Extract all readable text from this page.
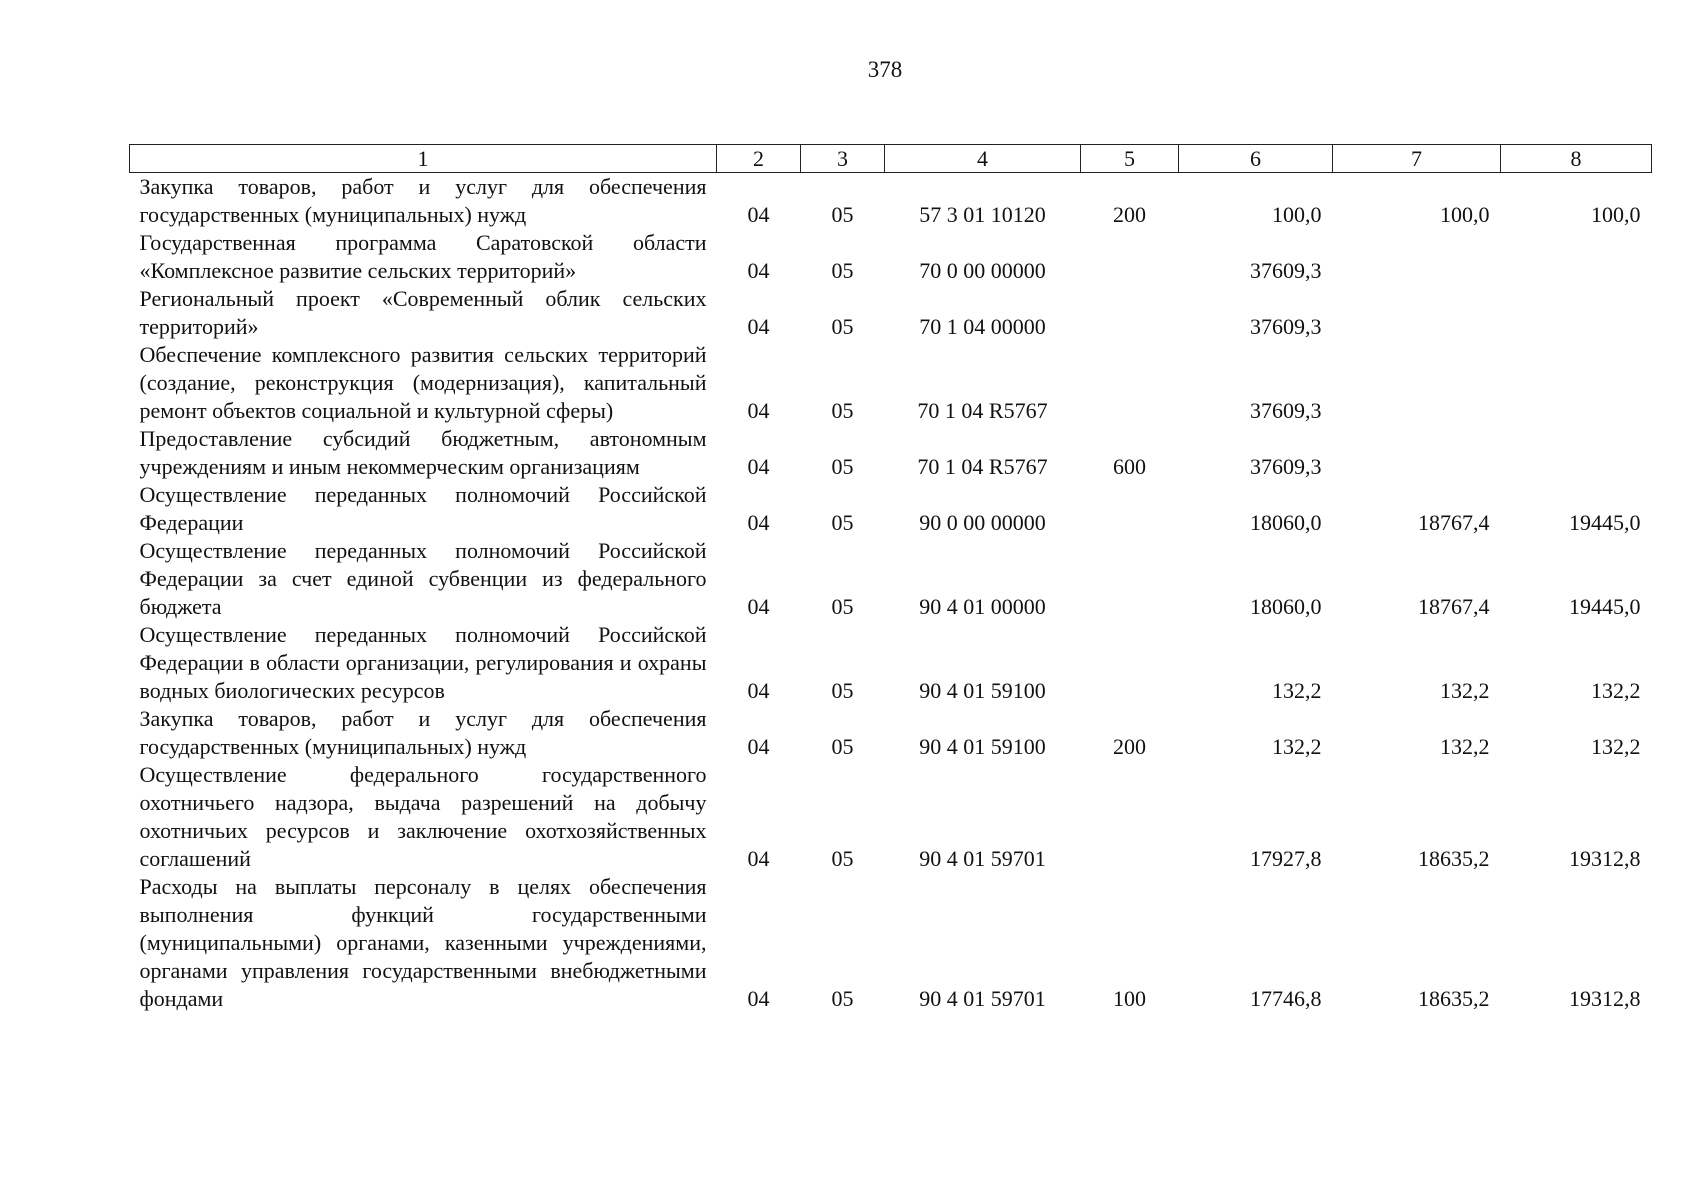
378
1	2	3	4	5	6	7	8
Закупка товаров, работ и услуг для обеспечения государственных (муниципальных) нужд	04	05	57 3 01 10120	200	100,0	100,0	100,0
Государственная программа Саратовской области «Комплексное развитие сельских территорий»	04	05	70 0 00 00000		37609,3		
Региональный проект «Современный облик сельских территорий»	04	05	70 1 04 00000		37609,3		
Обеспечение комплексного развития сельских территорий (создание, реконструкция (модернизация), капитальный ремонт объектов социальной и культурной сферы)	04	05	70 1 04 R5767		37609,3		
Предоставление субсидий бюджетным, автономным учреждениям и иным некоммерческим организациям	04	05	70 1 04 R5767	600	37609,3		
Осуществление переданных полномочий Российской Федерации	04	05	90 0 00 00000		18060,0	18767,4	19445,0
Осуществление переданных полномочий Российской Федерации за счет единой субвенции из федерального бюджета	04	05	90 4 01 00000		18060,0	18767,4	19445,0
Осуществление переданных полномочий Российской Федерации в области организации, регулирования и охраны водных биологических ресурсов	04	05	90 4 01 59100		132,2	132,2	132,2
Закупка товаров, работ и услуг для обеспечения государственных (муниципальных) нужд	04	05	90 4 01 59100	200	132,2	132,2	132,2
Осуществление федерального государственного охотничьего надзора, выдача разрешений на добычу охотничьих ресурсов и заключение охотхозяйственных соглашений	04	05	90 4 01 59701		17927,8	18635,2	19312,8
Расходы на выплаты персоналу в целях обеспечения выполнения функций государственными (муниципальными) органами, казенными учреждениями, органами управления государственными внебюджетными фондами	04	05	90 4 01 59701	100	17746,8	18635,2	19312,8
